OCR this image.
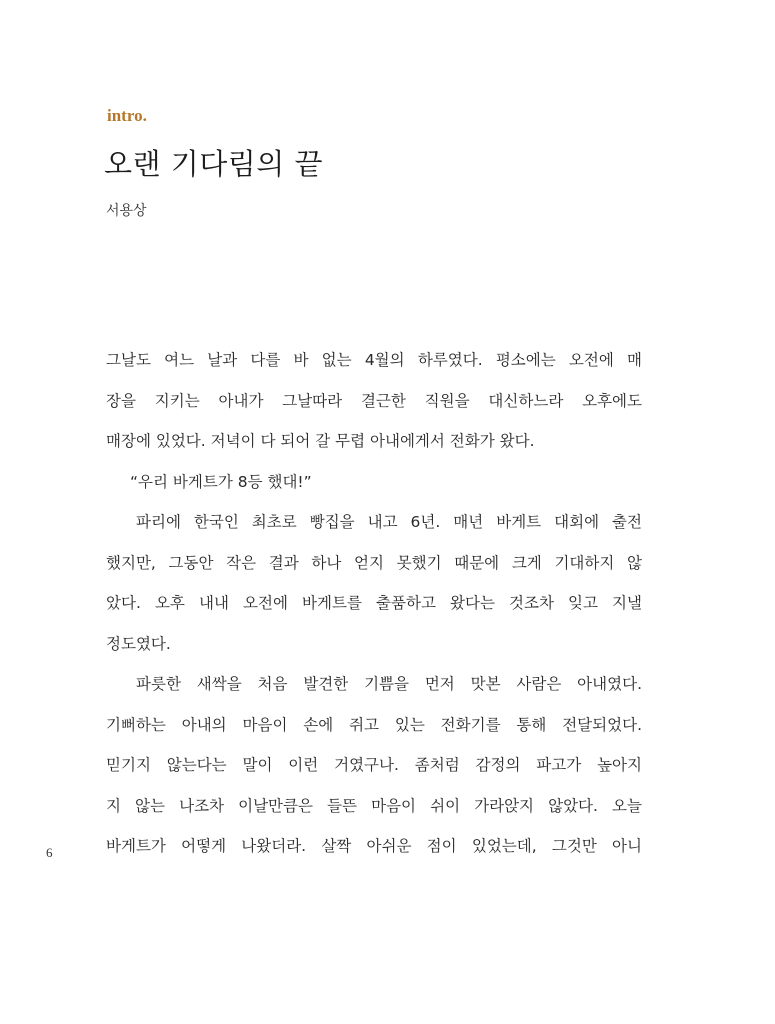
intro.
오랜 기다림의 끝
서용상
그날도 여느 날과 다를 바 없는 4월의 하루였다. 평소에는 오전에 매
장을 지키는 아내가 그날따라 결근한 직원을 대신하느라 오후에도
매장에 있었다. 저녁이 다 되어 갈 무렵 아내에게서 전화가 왔다.
“우리 바게트가 8등 했대!”
파리에 한국인 최초로 빵집을 내고 6년. 매년 바게트 대회에 출전
했지만, 그동안 작은 결과 하나 얻지 못했기 때문에 크게 기대하지 않
았다. 오후 내내 오전에 바게트를 출품하고 왔다는 것조차 잊고 지낼
정도였다.
파릇한 새싹을 처음 발견한 기쁨을 먼저 맛본 사람은 아내였다.
기뻐하는 아내의 마음이 손에 쥐고 있는 전화기를 통해 전달되었다.
믿기지 않는다는 말이 이런 거였구나. 좀처럼 감정의 파고가 높아지
지 않는 나조차 이날만큼은 들뜬 마음이 쉬이 가라앉지 않았다. 오늘
바게트가 어떻게 나왔더라. 살짝 아쉬운 점이 있었는데, 그것만 아니
6
